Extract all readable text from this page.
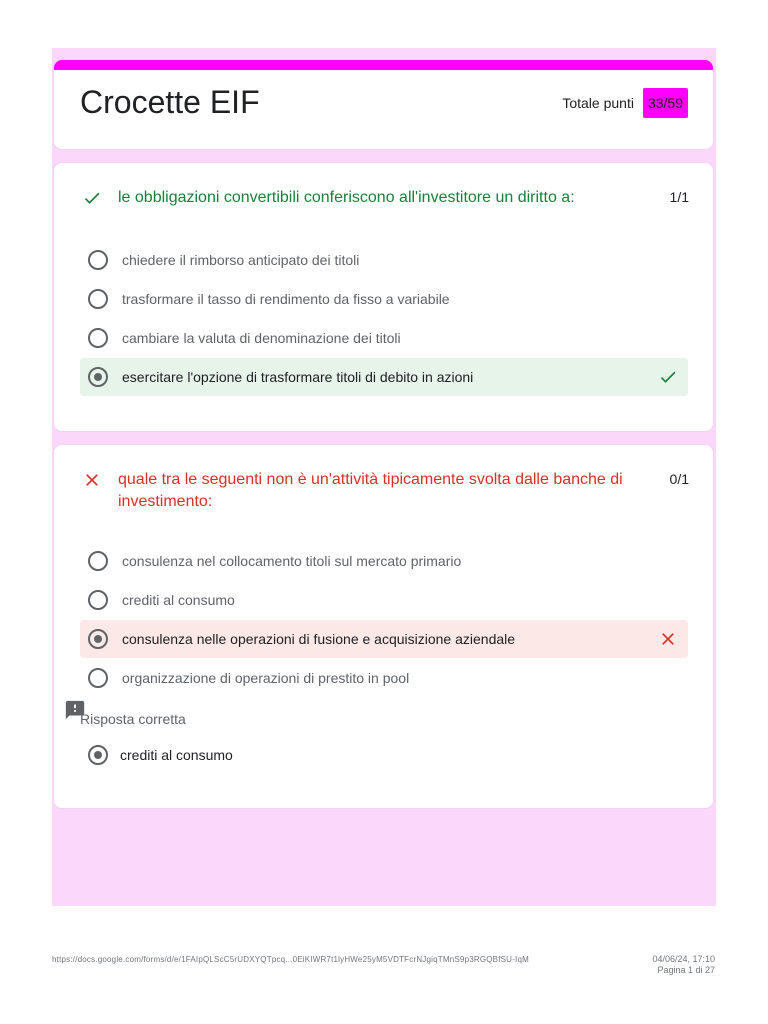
Crocette EIF	Totale punti	33/59
le obbligazioni convertibili conferiscono all'investitore un diritto a:	1/1
chiedere il rimborso anticipato dei titoli
trasformare il tasso di rendimento da fisso a variabile
cambiare la valuta di denominazione dei titoli
esercitare l'opzione di trasformare titoli di debito in azioni
quale tra le seguenti non è un'attività tipicamente svolta dalle banche di investimento:
0/1
consulenza nel collocamento titoli sul mercato primario
crediti al consumo
consulenza nelle operazioni di fusione e acquisizione aziendale
organizzazione di operazioni di prestito in pool
Risposta corretta
crediti al consumo
https://docs.google.com/forms/d/e/1FAIpQLScC5rUDXYQTpcq...0EiKIWR7t1lyHWe25yM5VDTFcrNJgiqTMnS9p3RGQBfSU-IqM	04/06/24, 17:10
Pagina 1 di 27
